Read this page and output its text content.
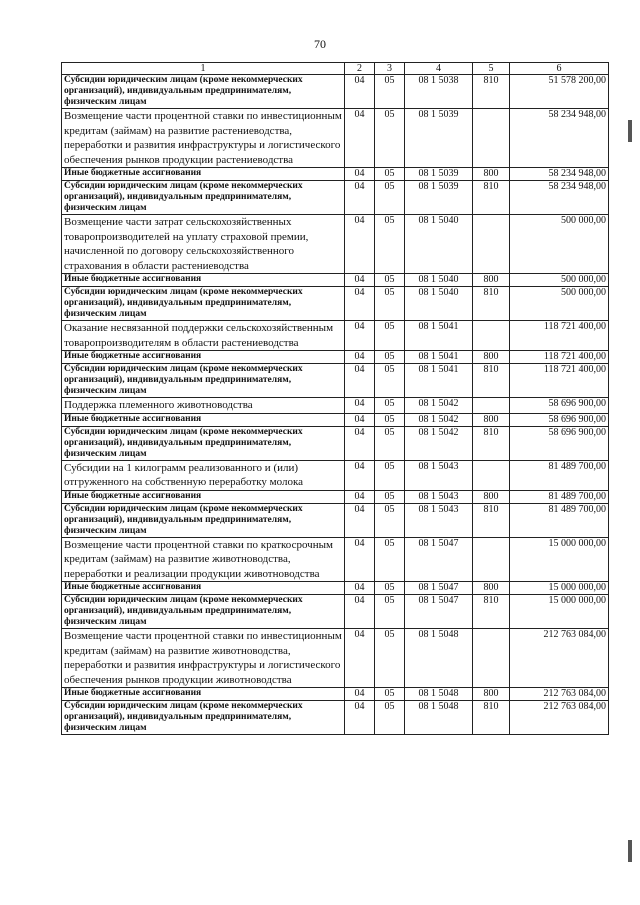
70
1	2	3	4	5	6
Субсидии юридическим лицам (кроме некоммерческих организаций), индивидуальным предпринимателям, физическим лицам	04	05	08 1 5038	810	51 578 200,00
Возмещение части процентной ставки по инвестиционным кредитам (займам) на развитие растениеводства, переработки и развития инфраструктуры и логистического обеспечения рынков продукции растениеводства	04	05	08 1 5039		58 234 948,00
Иные бюджетные ассигнования	04	05	08 1 5039	800	58 234 948,00
Субсидии юридическим лицам (кроме некоммерческих организаций), индивидуальным предпринимателям, физическим лицам	04	05	08 1 5039	810	58 234 948,00
Возмещение части затрат сельскохозяйственных товаропроизводителей на уплату страховой премии, начисленной по договору сельскохозяйственного страхования в области растениеводства	04	05	08 1 5040		500 000,00
Иные бюджетные ассигнования	04	05	08 1 5040	800	500 000,00
Субсидии юридическим лицам (кроме некоммерческих организаций), индивидуальным предпринимателям, физическим лицам	04	05	08 1 5040	810	500 000,00
Оказание несвязанной поддержки сельскохозяйственным товаропроизводителям в области растениеводства	04	05	08 1 5041		118 721 400,00
Иные бюджетные ассигнования	04	05	08 1 5041	800	118 721 400,00
Субсидии юридическим лицам (кроме некоммерческих организаций), индивидуальным предпринимателям, физическим лицам	04	05	08 1 5041	810	118 721 400,00
Поддержка племенного животноводства	04	05	08 1 5042		58 696 900,00
Иные бюджетные ассигнования	04	05	08 1 5042	800	58 696 900,00
Субсидии юридическим лицам (кроме некоммерческих организаций), индивидуальным предпринимателям, физическим лицам	04	05	08 1 5042	810	58 696 900,00
Субсидии на 1 килограмм реализованного и (или) отгруженного на собственную переработку молока	04	05	08 1 5043		81 489 700,00
Иные бюджетные ассигнования	04	05	08 1 5043	800	81 489 700,00
Субсидии юридическим лицам (кроме некоммерческих организаций), индивидуальным предпринимателям, физическим лицам	04	05	08 1 5043	810	81 489 700,00
Возмещение части процентной ставки по краткосрочным кредитам (займам) на развитие животноводства, переработки и реализации продукции животноводства	04	05	08 1 5047		15 000 000,00
Иные бюджетные ассигнования	04	05	08 1 5047	800	15 000 000,00
Субсидии юридическим лицам (кроме некоммерческих организаций), индивидуальным предпринимателям, физическим лицам	04	05	08 1 5047	810	15 000 000,00
Возмещение части процентной ставки по инвестиционным кредитам (займам) на развитие животноводства, переработки и развития инфраструктуры и логистического обеспечения рынков продукции животноводства	04	05	08 1 5048		212 763 084,00
Иные бюджетные ассигнования	04	05	08 1 5048	800	212 763 084,00
Субсидии юридическим лицам (кроме некоммерческих организаций), индивидуальным предпринимателям, физическим лицам	04	05	08 1 5048	810	212 763 084,00
